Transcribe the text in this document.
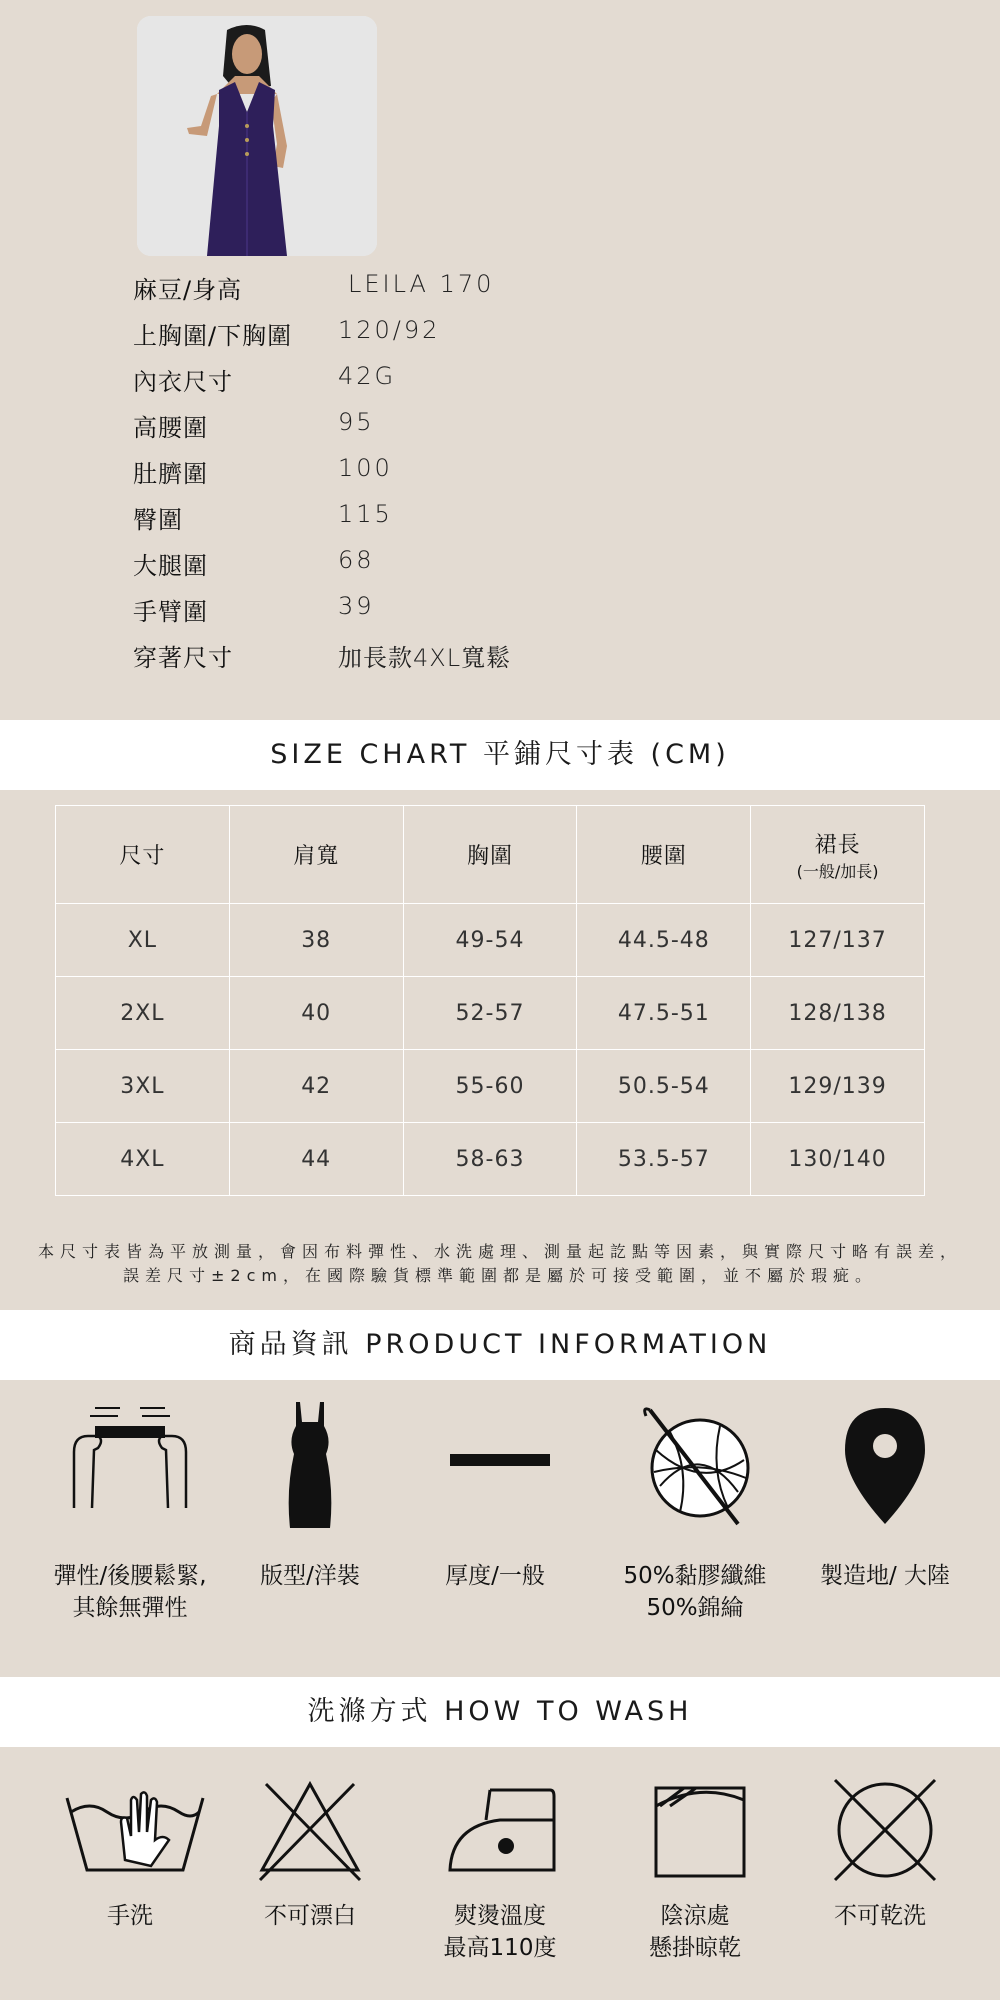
麻豆/身高	LEILA 170
上胸圍/下胸圍 120/92
內衣尺寸	42G
高腰圍	95
肚臍圍	100
臀圍	115
大腿圍	68
手臂圍	39
穿著尺寸	加長款4XL寬鬆
SIZE CHART 平鋪尺寸表 (CM)
尺寸	肩寬	胸圍	腰圍	裙長
(一般/加長)

XL	38	49-54	44.5-48	127/137
2XL	40	52-57	47.5-51	128/138
3XL	42	55-60	50.5-54	129/139
4XL	44	58-63	53.5-57	130/140
本尺寸表皆為平放測量，會因布料彈性、水洗處理、測量起訖點等因素，與實際尺寸略有誤差，
誤差尺寸±2cm，在國際驗貨標準範圍都是屬於可接受範圍，並不屬於瑕疵。
商品資訊 PRODUCT INFORMATION
彈性/後腰鬆緊,
其餘無彈性
版型/洋裝	厚度/一般	50%黏膠纖維
50%錦綸
製造地/ 大陸
洗滌方式 HOW TO WASH
手洗	不可漂白	熨燙溫度
最高110度
陰涼處
懸掛晾乾
不可乾洗
